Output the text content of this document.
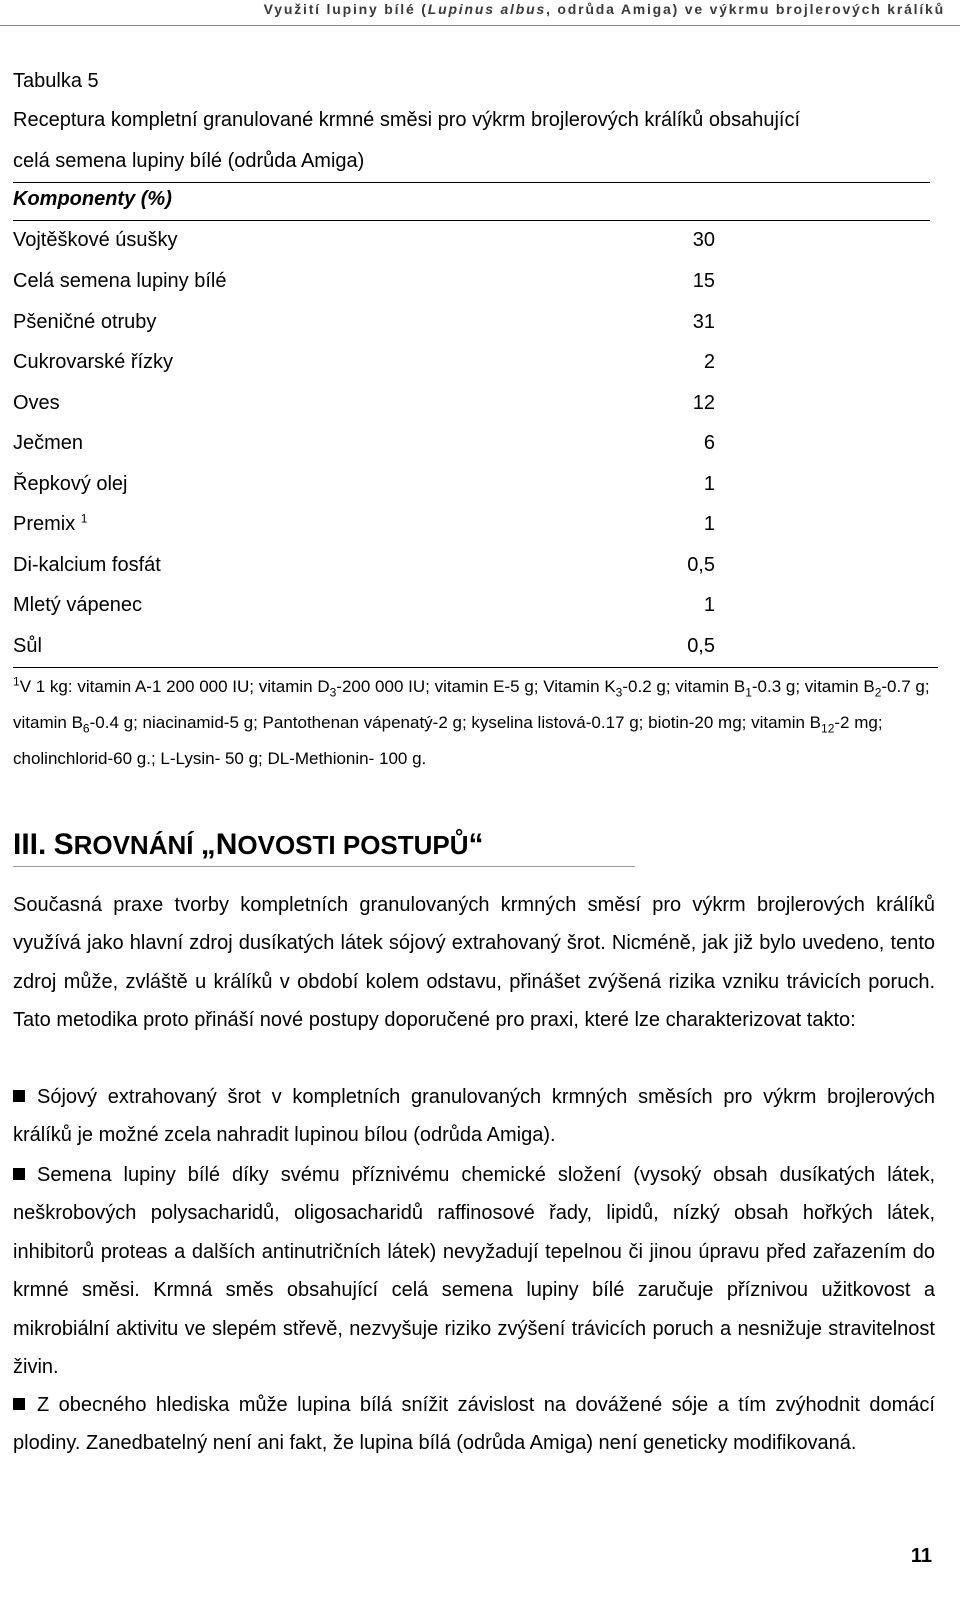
Využití lupiny bílé (Lupinus albus, odrůda Amiga) ve výkrmu brojlerových králíků
Tabulka 5
Receptura kompletní granulované krmné směsi pro výkrm brojlerových králíků obsahující
celá semena lupiny bílé (odrůda Amiga)
Komponenty (%)
Vojtěškové úsušky	30
Celá semena lupiny bílé	15
Pšeničné otruby	31
Cukrovarské řízky	2
Oves	12
Ječmen	6
Řepkový olej	1
Premix $^1$	1
Di-kalcium fosfát	0,5
Mletý vápenec	1
Sůl	0,5
$^1$V 1 kg: vitamin A-1 200 000 IU; vitamin $D_3-200$ 000 IU; vitamin E-5 g; Vitamin $K_3-0.2$ g; vitamin $B_1-0.3$ g; vitamin $B_2-0.7$ g; vitamin $B_6-0.4$ g; niacinamid-5 g; Pantothenan vápenatý-2 g; kyselina listová-0.17 g; biotin-20 mg; vitamin $B_{12}-2$ mg; cholinchlorid-60 g.; L-Lysin- 50 g; DL-Methionin- 100 g.
III. SROVNÁNÍ „NOVOSTI POSTUPŮ“
Současná praxe tvorby kompletních granulovaných krmných směsí pro výkrm brojlerových králíků využívá jako hlavní zdroj dusíkatých látek sójový extrahovaný šrot. Nicméně, jak již bylo uvedeno, tento zdroj může, zvláště u králíků v období kolem odstavu, přinášet zvýšená rizika vzniku trávicích poruch. Tato metodika proto přináší nové postupy doporučené pro praxi, které lze charakterizovat takto:
Sójový extrahovaný šrot v kompletních granulovaných krmných směsích pro výkrm brojlerových králíků je možné zcela nahradit lupinou bílou (odrůda Amiga).
Semena lupiny bílé díky svému příznivému chemické složení (vysoký obsah dusíkatých látek, neškrobových polysacharidů, oligosacharidů raffinosové řady, lipidů, nízký obsah hořkých látek, inhibitorů proteas a dalších antinutričních látek) nevyžadují tepelnou či jinou úpravu před zařazením do krmné směsi. Krmná směs obsahující celá semena lupiny bílé zaručuje příznivou užitkovost a mikrobiální aktivitu ve slepém střevě, nezvyšuje riziko zvýšení trávicích poruch a nesnižuje stravitelnost živin.
Z obecného hlediska může lupina bílá snížit závislost na dovážené sóje a tím zvýhodnit domácí plodiny. Zanedbatelný není ani fakt, že lupina bílá (odrůda Amiga) není geneticky modifikovaná.
11
